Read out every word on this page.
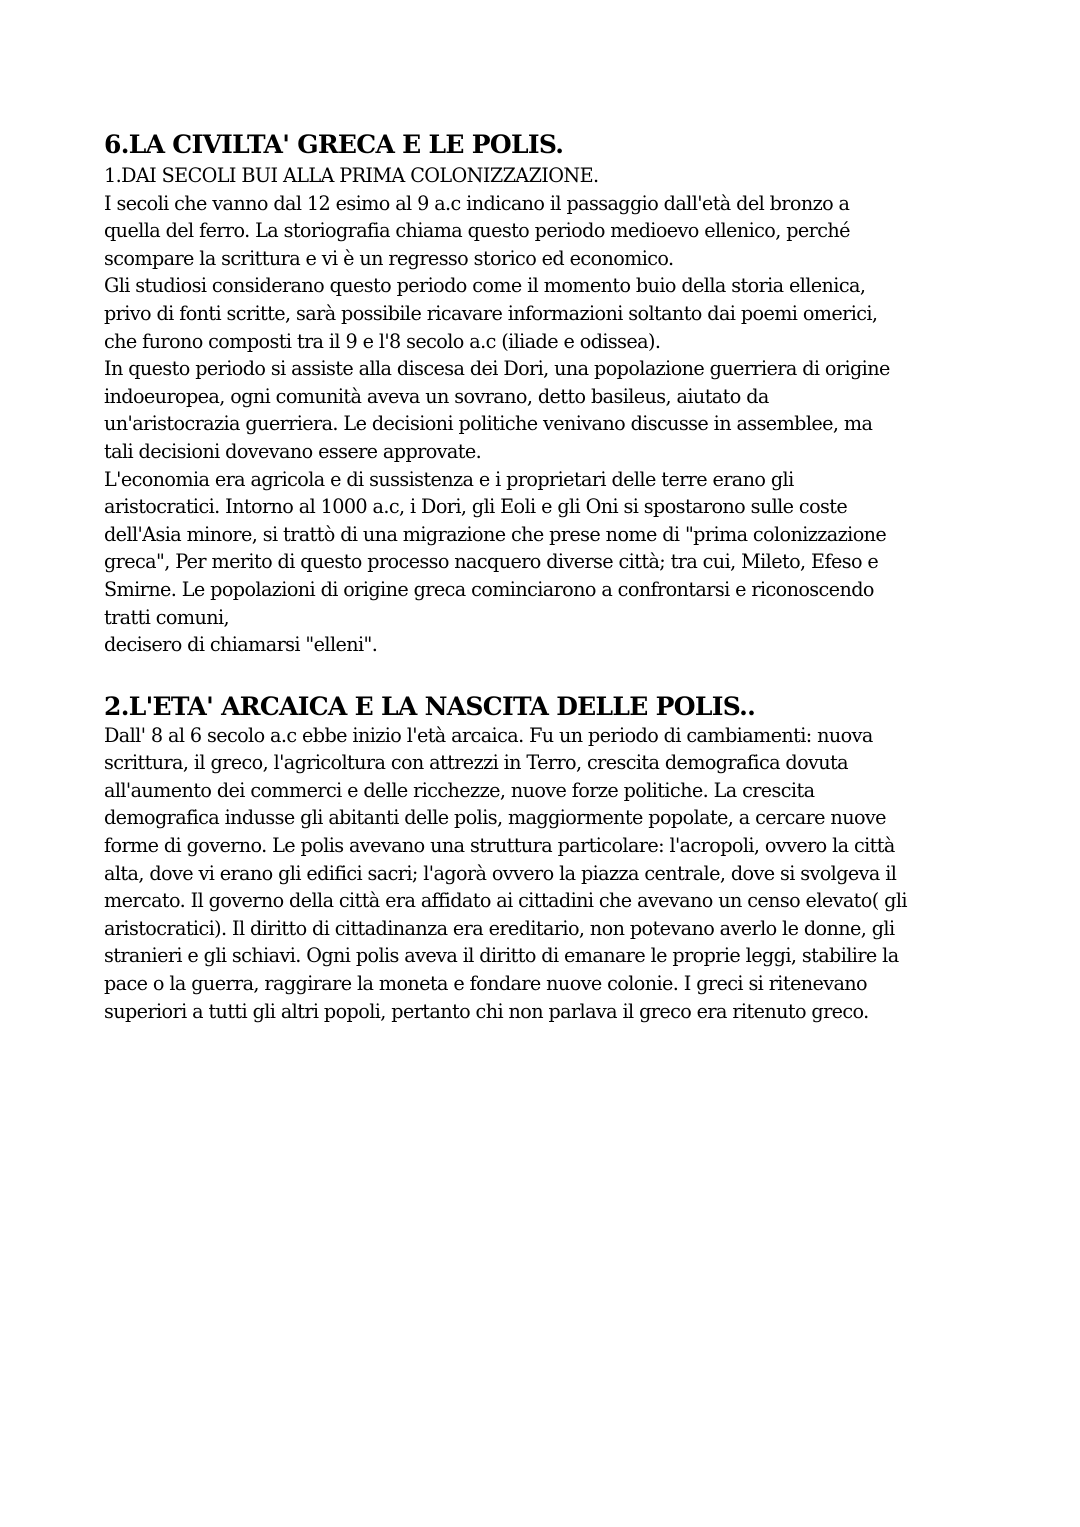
6.LA CIVILTA' GRECA E LE POLIS.
1.DAI SECOLI BUI ALLA PRIMA COLONIZZAZIONE.
I secoli che vanno dal 12 esimo al 9 a.c indicano il passaggio dall'età del bronzo a
quella del ferro. La storiografia chiama questo periodo medioevo ellenico, perché
scompare la scrittura e vi è un regresso storico ed economico.
Gli studiosi considerano questo periodo come il momento buio della storia ellenica,
privo di fonti scritte, sarà possibile ricavare informazioni soltanto dai poemi omerici,
che furono composti tra il 9 e l'8 secolo a.c (iliade e odissea).
In questo periodo si assiste alla discesa dei Dori, una popolazione guerriera di origine
indoeuropea, ogni comunità aveva un sovrano, detto basileus, aiutato da
un'aristocrazia guerriera. Le decisioni politiche venivano discusse in assemblee, ma
tali decisioni dovevano essere approvate.
L'economia era agricola e di sussistenza e i proprietari delle terre erano gli
aristocratici. Intorno al 1000 a.c, i Dori, gli Eoli e gli Oni si spostarono sulle coste
dell'Asia minore, si trattò di una migrazione che prese nome di "prima colonizzazione
greca", Per merito di questo processo nacquero diverse città; tra cui, Mileto, Efeso e
Smirne. Le popolazioni di origine greca cominciarono a confrontarsi e riconoscendo
tratti comuni,
decisero di chiamarsi "elleni".
2.L'ETA' ARCAICA E LA NASCITA DELLE POLIS..
Dall' 8 al 6 secolo a.c ebbe inizio l'età arcaica. Fu un periodo di cambiamenti: nuova
scrittura, il greco, l'agricoltura con attrezzi in Terro, crescita demografica dovuta
all'aumento dei commerci e delle ricchezze, nuove forze politiche. La crescita
demografica indusse gli abitanti delle polis, maggiormente popolate, a cercare nuove
forme di governo. Le polis avevano una struttura particolare: l'acropoli, ovvero la città
alta, dove vi erano gli edifici sacri; l'agorà ovvero la piazza centrale, dove si svolgeva il
mercato. Il governo della città era affidato ai cittadini che avevano un censo elevato( gli
aristocratici). Il diritto di cittadinanza era ereditario, non potevano averlo le donne, gli
stranieri e gli schiavi. Ogni polis aveva il diritto di emanare le proprie leggi, stabilire la
pace o la guerra, raggirare la moneta e fondare nuove colonie. I greci si ritenevano
superiori a tutti gli altri popoli, pertanto chi non parlava il greco era ritenuto greco.
